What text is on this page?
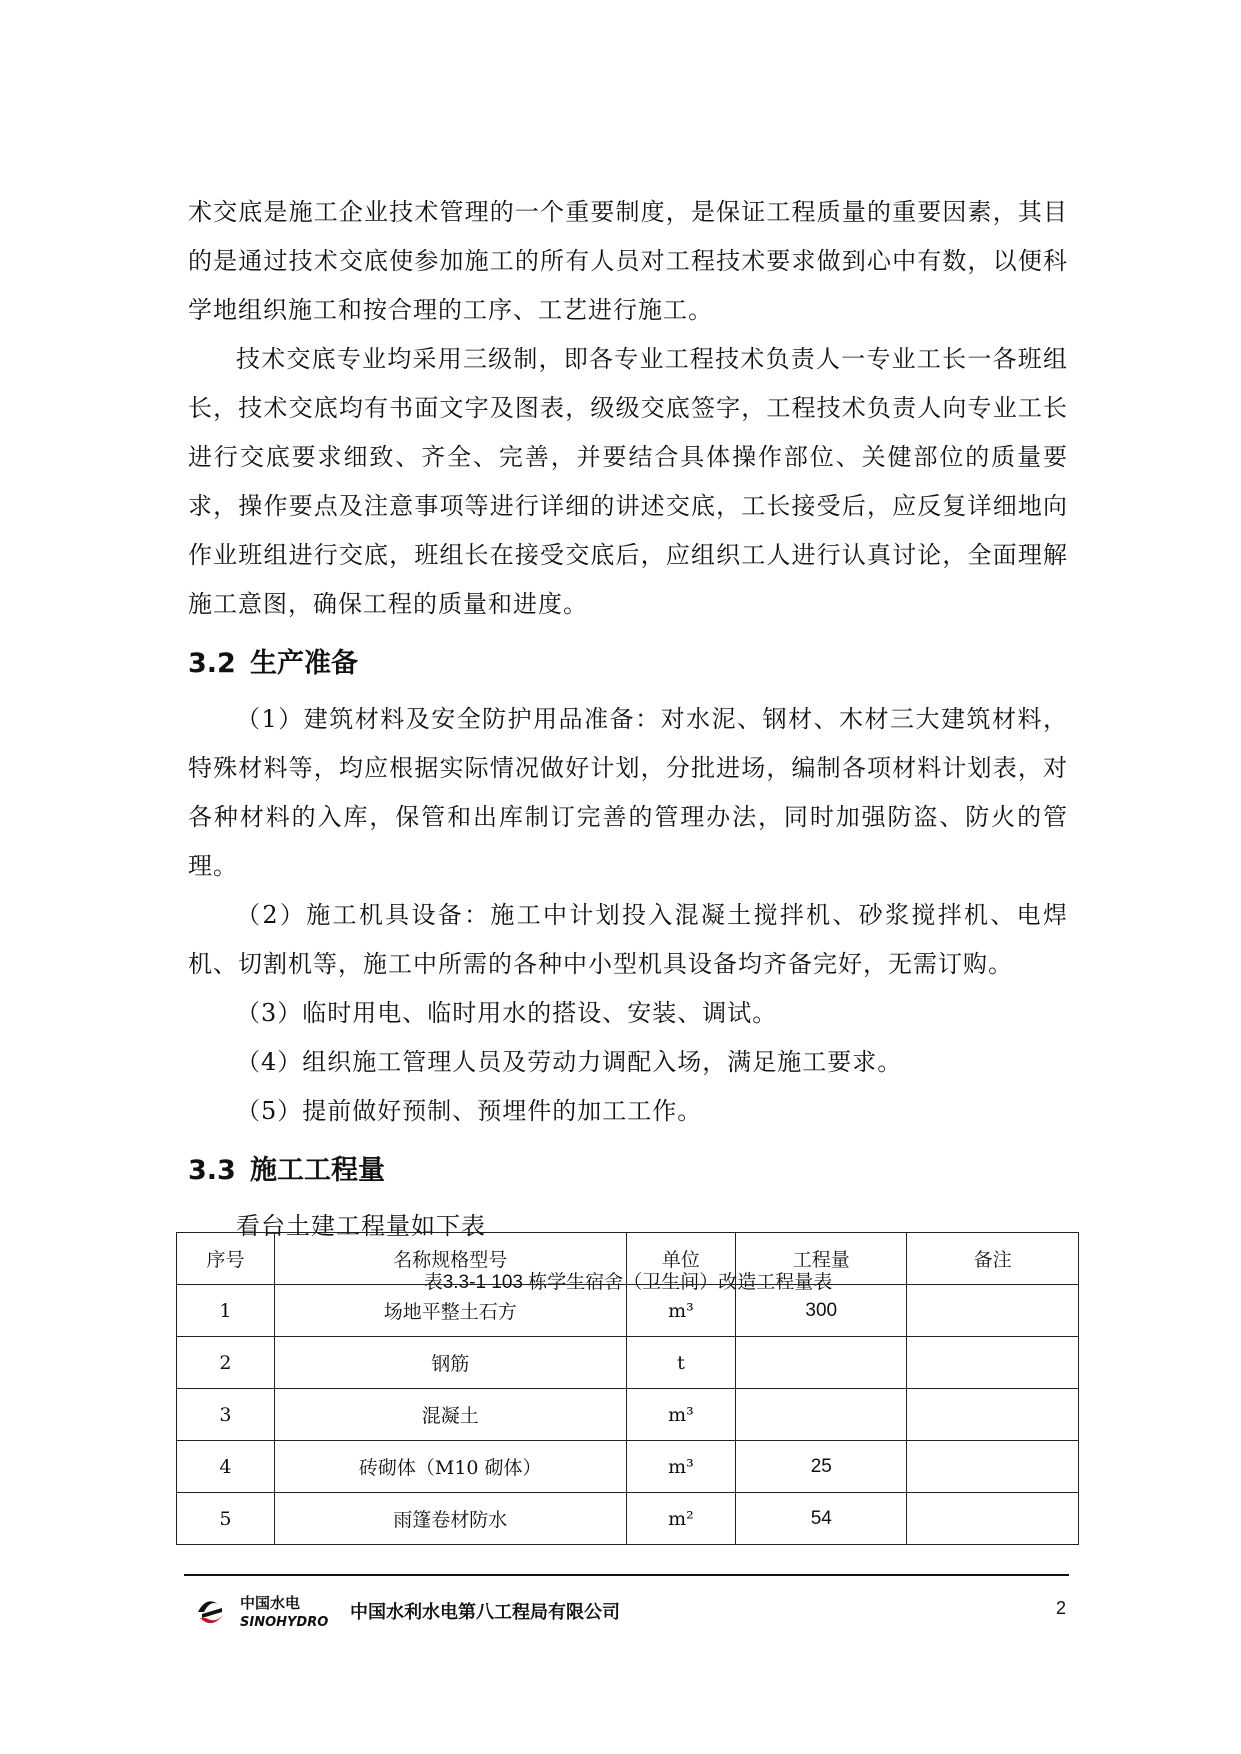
术交底是施工企业技术管理的一个重要制度，是保证工程质量的重要因素，其目的是通过技术交底使参加施工的所有人员对工程技术要求做到心中有数，以便科学地组织施工和按合理的工序、工艺进行施工。

技术交底专业均采用三级制，即各专业工程技术负责人一专业工长一各班组长，技术交底均有书面文字及图表，级级交底签字，工程技术负责人向专业工长进行交底要求细致、齐全、完善，并要结合具体操作部位、关健部位的质量要求，操作要点及注意事项等进行详细的讲述交底，工长接受后，应反复详细地向作业班组进行交底，班组长在接受交底后，应组织工人进行认真讨论，全面理解施工意图，确保工程的质量和进度。

3.2 生产准备

（1）建筑材料及安全防护用品准备：对水泥、钢材、木材三大建筑材料，特殊材料等，均应根据实际情况做好计划，分批进场，编制各项材料计划表，对各种材料的入库，保管和出库制订完善的管理办法，同时加强防盗、防火的管理。

（2）施工机具设备：施工中计划投入混凝土搅拌机、砂浆搅拌机、电焊机、切割机等，施工中所需的各种中小型机具设备均齐备完好，无需订购。

（3）临时用电、临时用水的搭设、安装、调试。

（4）组织施工管理人员及劳动力调配入场，满足施工要求。

（5）提前做好预制、预埋件的加工工作。

3.3 施工工程量

看台土建工程量如下表

表3.3-1 103 栋学生宿舍（卫生间）改造工程量表
序号	名称规格型号	单位	工程量	备注
1	场地平整土石方	m³	300	
2	钢筋	t		
3	混凝土	m³		
4	砖砌体（M10 砌体）	m³	25	
5	雨篷卷材防水	m²	54	
中国水电
SINOHYDRO 中国水利水电第八工程局有限公司	2
